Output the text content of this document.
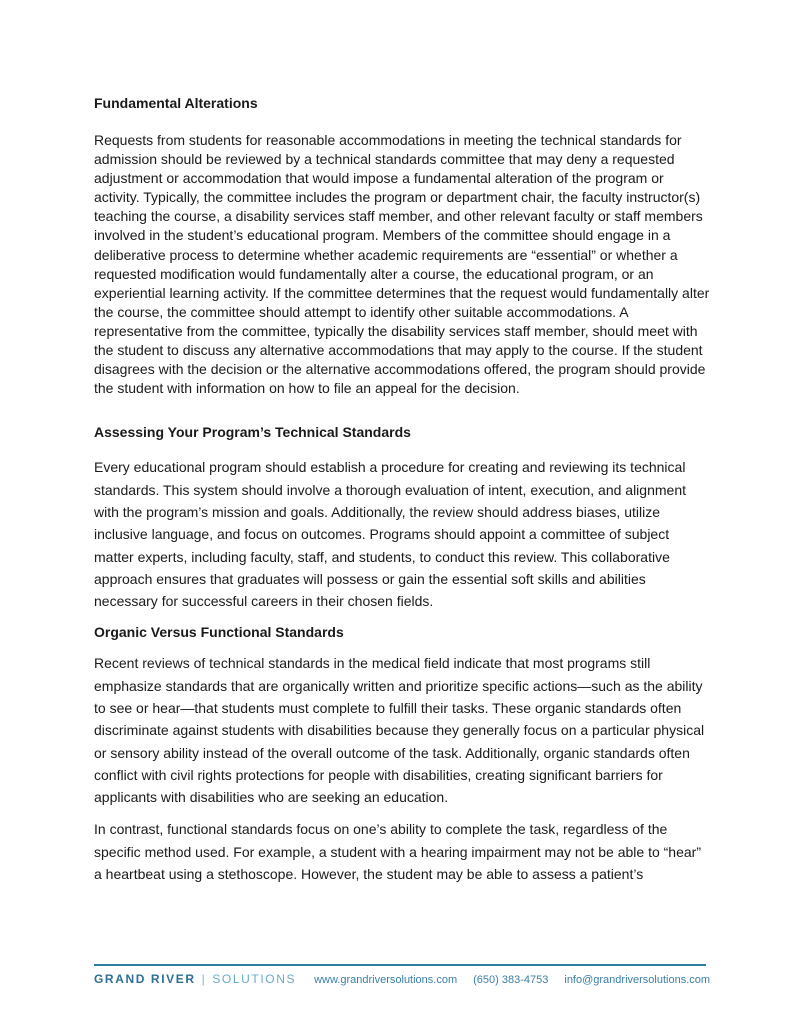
Fundamental Alterations

Requests from students for reasonable accommodations in meeting the technical standards for admission should be reviewed by a technical standards committee that may deny a requested adjustment or accommodation that would impose a fundamental alteration of the program or activity. Typically, the committee includes the program or department chair, the faculty instructor(s) teaching the course, a disability services staff member, and other relevant faculty or staff members involved in the student’s educational program. Members of the committee should engage in a deliberative process to determine whether academic requirements are “essential” or whether a requested modification would fundamentally alter a course, the educational program, or an experiential learning activity. If the committee determines that the request would fundamentally alter the course, the committee should attempt to identify other suitable accommodations. A representative from the committee, typically the disability services staff member, should meet with the student to discuss any alternative accommodations that may apply to the course. If the student disagrees with the decision or the alternative accommodations offered, the program should provide the student with information on how to file an appeal for the decision.

Assessing Your Program’s Technical Standards

Every educational program should establish a procedure for creating and reviewing its technical standards. This system should involve a thorough evaluation of intent, execution, and alignment with the program’s mission and goals. Additionally, the review should address biases, utilize inclusive language, and focus on outcomes. Programs should appoint a committee of subject matter experts, including faculty, staff, and students, to conduct this review. This collaborative approach ensures that graduates will possess or gain the essential soft skills and abilities necessary for successful careers in their chosen fields.

Organic Versus Functional Standards

Recent reviews of technical standards in the medical field indicate that most programs still emphasize standards that are organically written and prioritize specific actions—such as the ability to see or hear—that students must complete to fulfill their tasks. These organic standards often discriminate against students with disabilities because they generally focus on a particular physical or sensory ability instead of the overall outcome of the task. Additionally, organic standards often conflict with civil rights protections for people with disabilities, creating significant barriers for applicants with disabilities who are seeking an education.

In contrast, functional standards focus on one’s ability to complete the task, regardless of the specific method used. For example, a student with a hearing impairment may not be able to “hear” a heartbeat using a stethoscope. However, the student may be able to assess a patient’s

GRAND RIVER | SOLUTIONS www.grandriversolutions.com (650) 383-4753 info@grandriversolutions.com
